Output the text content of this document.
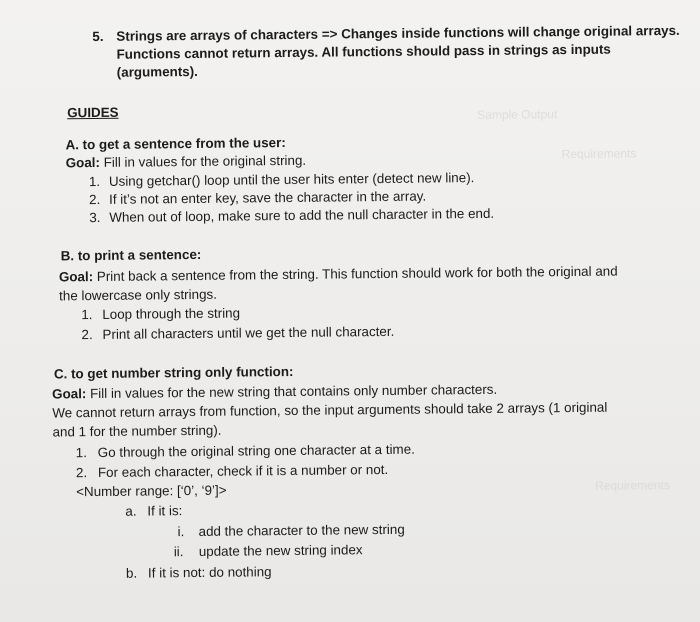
Sample Output
Requirements
Requirements
5. Strings are arrays of characters => Changes inside functions will change original arrays.
Functions cannot return arrays. All functions should pass in strings as inputs
(arguments).
GUIDES
A. to get a sentence from the user:
Goal: Fill in values for the original string.
1. Using getchar() loop until the user hits enter (detect new line).
2. If it’s not an enter key, save the character in the array.
3. When out of loop, make sure to add the null character in the end.
B. to print a sentence:
Goal: Print back a sentence from the string. This function should work for both the original and
the lowercase only strings.
1. Loop through the string
2. Print all characters until we get the null character.
C. to get number string only function:
Goal: Fill in values for the new string that contains only number characters.
We cannot return arrays from function, so the input arguments should take 2 arrays (1 original
and 1 for the number string).
1. Go through the original string one character at a time.
2. For each character, check if it is a number or not.
<Number range: [‘0’, ‘9’]>
a. If it is:
i. add the character to the new string
ii. update the new string index
b. If it is not: do nothing
